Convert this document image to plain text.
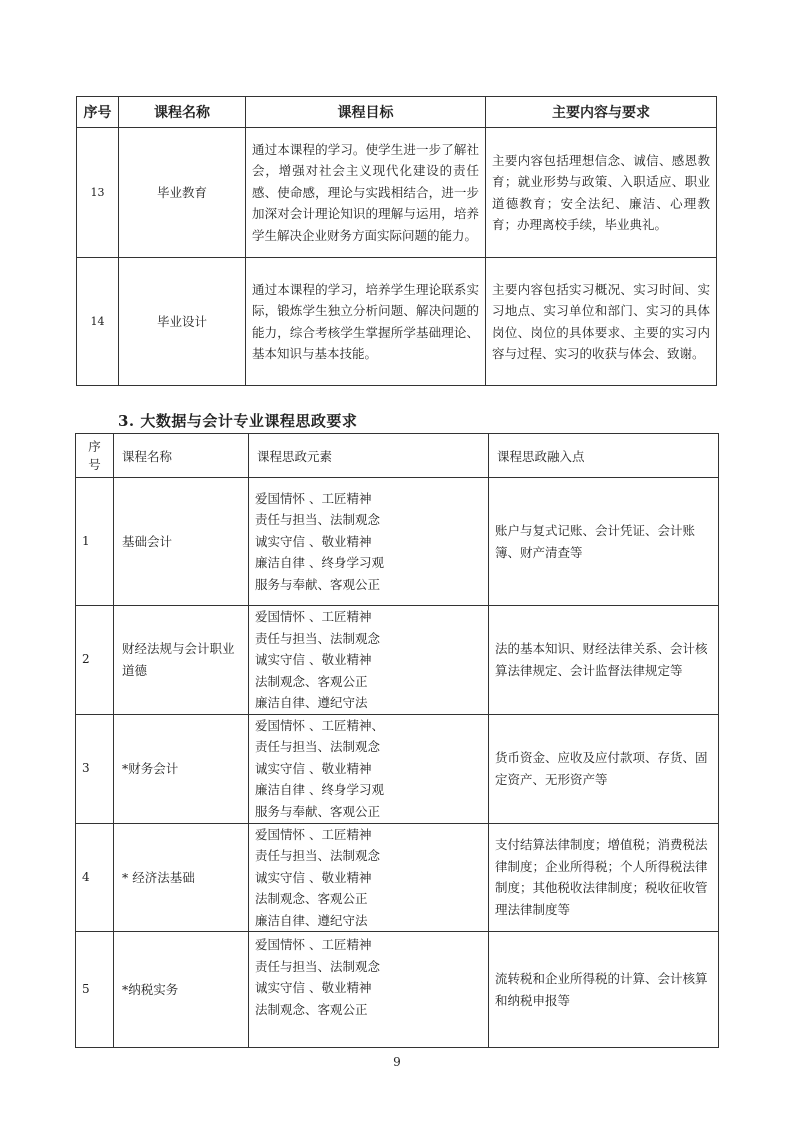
序号	课程名称	课程目标	主要内容与要求
13	毕业教育	通过本课程的学习。使学生进一步了解社会，增强对社会主义现代化建设的责任感、使命感，理论与实践相结合，进一步加深对会计理论知识的理解与运用，培养学生解决企业财务方面实际问题的能力。	主要内容包括理想信念、诚信、感恩教育；就业形势与政策、入职适应、职业道德教育；安全法纪、廉洁、心理教育；办理离校手续，毕业典礼。
14	毕业设计	通过本课程的学习，培养学生理论联系实际，锻炼学生独立分析问题、解决问题的能力，综合考核学生掌握所学基础理论、基本知识与基本技能。	主要内容包括实习概况、实习时间、实习地点、实习单位和部门、实习的具体岗位、岗位的具体要求、主要的实习内容与过程、实习的收获与体会、致谢。
3. 大数据与会计专业课程思政要求
序号	课程名称	课程思政元素	课程思政融入点
1	基础会计	爱国情怀 、工匠精神
责任与担当、法制观念
诚实守信 、敬业精神
廉洁自律 、终身学习观
服务与奉献、客观公正	账户与复式记账、会计凭证、会计账簿、财产清查等
2	财经法规与会计职业道德	爱国情怀 、工匠精神
责任与担当、法制观念
诚实守信 、敬业精神
法制观念、客观公正
廉洁自律、遵纪守法	法的基本知识、财经法律关系、会计核算法律规定、会计监督法律规定等
3	*财务会计	爱国情怀 、工匠精神、
责任与担当、法制观念
诚实守信 、敬业精神
廉洁自律 、终身学习观
服务与奉献、客观公正	货币资金、应收及应付款项、存货、固定资产、无形资产等
4	* 经济法基础	爱国情怀 、工匠精神
责任与担当、法制观念
诚实守信 、敬业精神
法制观念、客观公正
廉洁自律、遵纪守法	支付结算法律制度；增值税；消费税法律制度；企业所得税；个人所得税法律制度；其他税收法律制度；税收征收管理法律制度等
5	*纳税实务	爱国情怀 、工匠精神
责任与担当、法制观念
诚实守信 、敬业精神
法制观念、客观公正	流转税和企业所得税的计算、会计核算和纳税申报等
9
